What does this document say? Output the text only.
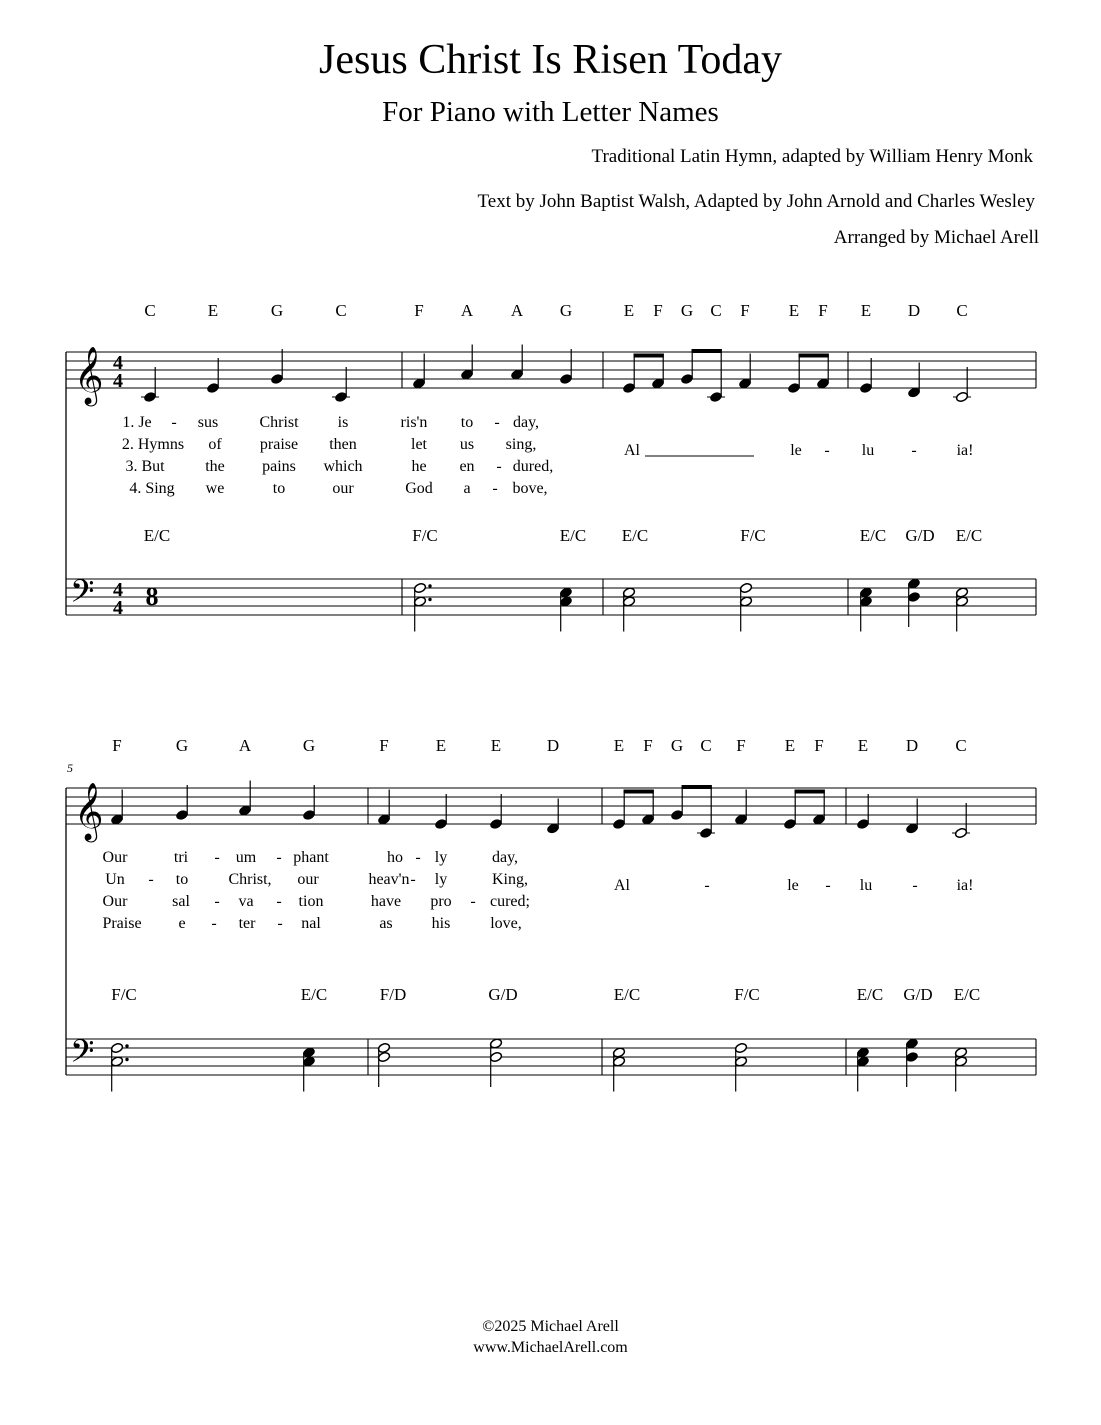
Jesus Christ Is Risen Today
For Piano with Letter Names
Traditional Latin Hymn, adapted by William Henry Monk
Text by John Baptist Walsh, Adapted by John Arnold and Charles Wesley
Arranged by Michael Arell
𝄞
𝄢
4
4
4
4
C	E	G	C	F A A G	E F G C F E F E D C
1. Je - sus	Christ is	ris'n to - day,
2. Hymns of praise then	let us sing,
3. But	the pains which	he en - dured,
4. Sing we	to	our	God a - bove,
Al	le - lu - ia!
E/C	F/C	E/C E/C	F/C	E/C G/D E/C
8
𝄞
𝄢
5
F	G	A	G	F	E	E	D	E F G C F E F E D C
Our	tri - um - phant	ho - ly	day,
Un - to	Christ, our	heav'n - ly	King,
Our	sal - va - tion	have pro - cured;
Praise e - ter - nal	as his love,
Al	-	le - lu	- ia!
F/C	E/C	F/D	G/D	E/C	F/C	E/C G/D E/C
©2025 Michael Arell
www.MichaelArell.com
